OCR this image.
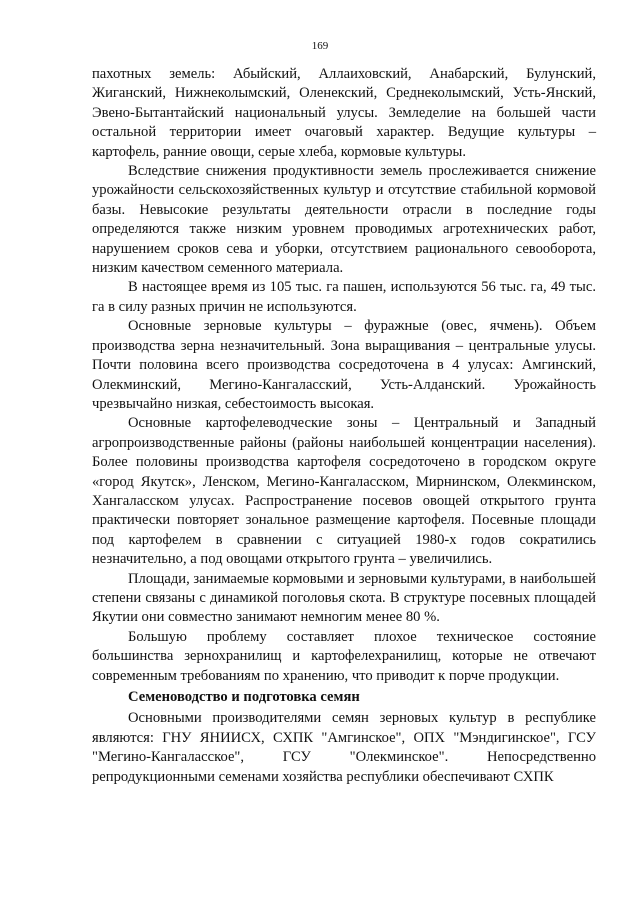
169

пахотных земель: Абыйский, Аллаиховский, Анабарский, Булунский, Жиганский, Нижнеколымский, Оленекский, Среднеколымский, Усть-Янский, Эвено-Бытантайский национальный улусы. Земледелие на большей части остальной территории имеет очаговый характер. Ведущие культуры – картофель, ранние овощи, серые хлеба, кормовые культуры.

Вследствие снижения продуктивности земель прослеживается снижение урожайности сельскохозяйственных культур и отсутствие стабильной кормовой базы. Невысокие результаты деятельности отрасли в последние годы определяются также низким уровнем проводимых агротехнических работ, нарушением сроков сева и уборки, отсутствием рационального севооборота, низким качеством семенного материала.

В настоящее время из 105 тыс. га пашен, используются 56 тыс. га, 49 тыс. га в силу разных причин не используются.

Основные зерновые культуры – фуражные (овес, ячмень). Объем производства зерна незначительный. Зона выращивания – центральные улусы. Почти половина всего производства сосредоточена в 4 улусах: Амгинский, Олекминский, Мегино-Кангаласский, Усть-Алданский. Урожайность чрезвычайно низкая, себестоимость высокая.

Основные картофелеводческие зоны – Центральный и Западный агропроизводственные районы (районы наибольшей концентрации населения). Более половины производства картофеля сосредоточено в городском округе «город Якутск», Ленском, Мегино-Кангаласском, Мирнинском, Олекминском, Хангаласском улусах. Распространение посевов овощей открытого грунта практически повторяет зональное размещение картофеля. Посевные площади под картофелем в сравнении с ситуацией 1980-х годов сократились незначительно, а под овощами открытого грунта – увеличились.

Площади, занимаемые кормовыми и зерновыми культурами, в наибольшей степени связаны с динамикой поголовья скота. В структуре посевных площадей Якутии они совместно занимают немногим менее 80 %.

Большую проблему составляет плохое техническое состояние большинства зернохранилищ и картофелехранилищ, которые не отвечают современным требованиям по хранению, что приводит к порче продукции.

Семеноводство и подготовка семян

Основными производителями семян зерновых культур в республике являются: ГНУ ЯНИИСХ, СХПК "Амгинское", ОПХ "Мэндигинское", ГСУ "Мегино-Кангаласское", ГСУ "Олекминское". Непосредственно репродукционными семенами хозяйства республики обеспечивают СХПК
